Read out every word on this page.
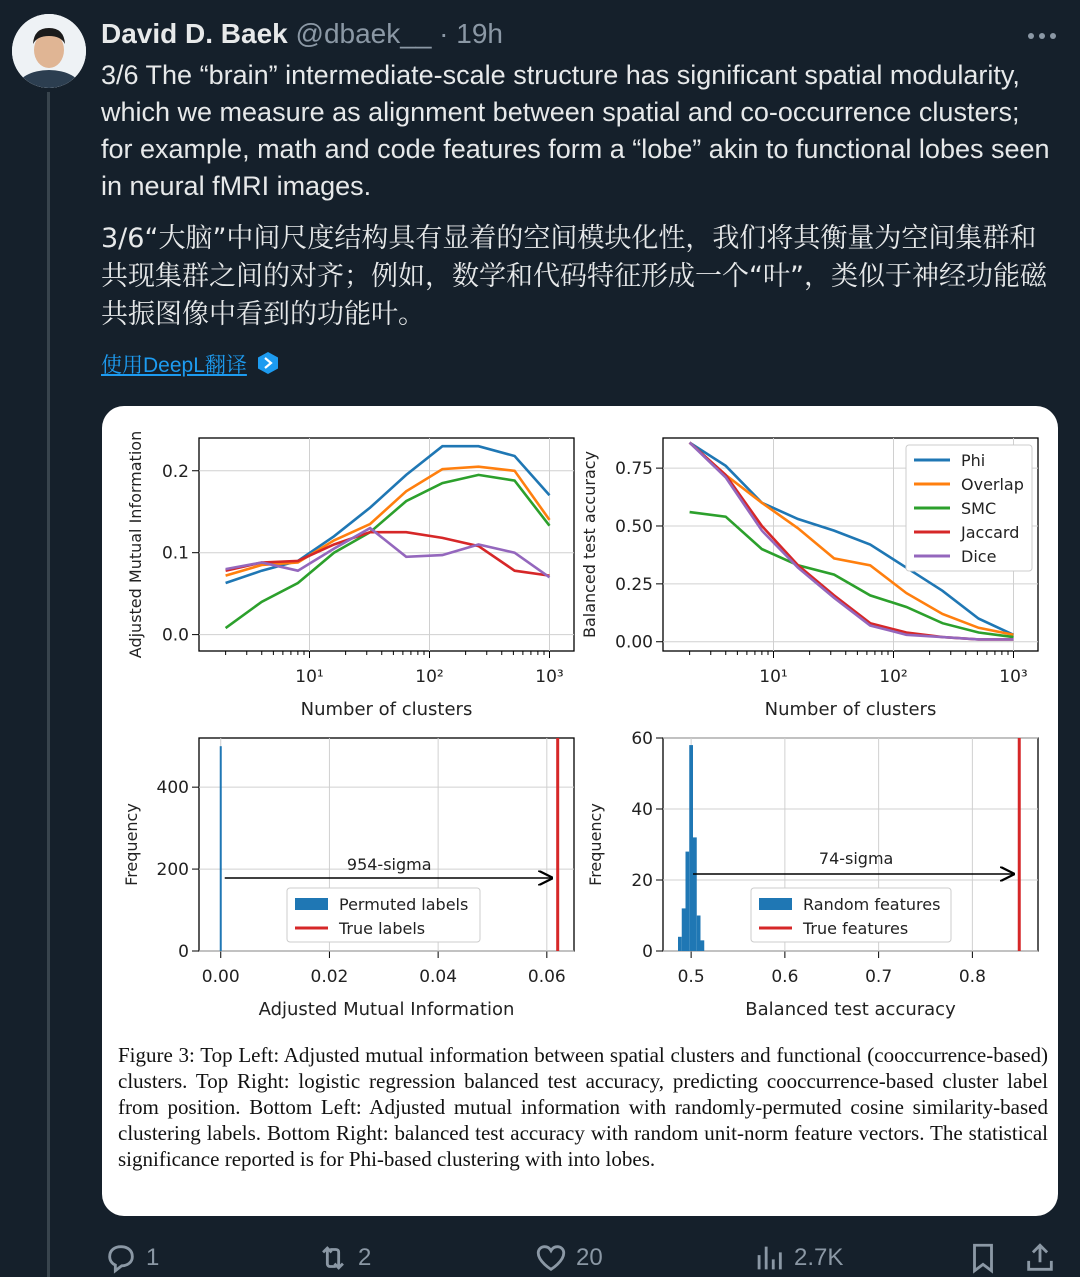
David D. Baek @dbaek__ · 19h
3/6 The “brain” intermediate-scale structure has significant spatial modularity, which we measure as alignment between spatial and co-occurrence clusters; for example, math and code features form a “lobe” akin to functional lobes seen in neural fMRI images.
3/6“大脑”中间尺度结构具有显着的空间模块化性，我们将其衡量为空间集群和共现集群之间的对齐；例如，数学和代码特征形成一个“叶”，类似于神经功能磁共振图像中看到的功能叶。
使用DeepL翻译
10¹	10²	10³
0.0
0.1
0.2
Adjusted Mutual Information
Number of clusters
10¹	10²	10³
0.00
0.25
0.50
0.75
Balanced test accuracy
Number of clusters
Phi
Overlap
SMC
Jaccard
Dice
0.00	0.02	0.04	0.06
0
200
400
954-sigma
Permuted labels
True labels
Frequency
Adjusted Mutual Information
0.5	0.6	0.7	0.8
0
20
40
60
74-sigma
Random features
True features
Frequency
Balanced test accuracy
Figure 3: Top Left: Adjusted mutual information between spatial clusters and functional (cooccurrence-based) clusters. Top Right: logistic regression balanced test accuracy, predicting cooccurrence-based cluster label from position. Bottom Left: Adjusted mutual information with randomly-permuted cosine similarity-based clustering labels. Bottom Right: balanced test accuracy with random unit-norm feature vectors. The statistical significance reported is for Phi-based clustering with into lobes.
1	2	20	2.7K
